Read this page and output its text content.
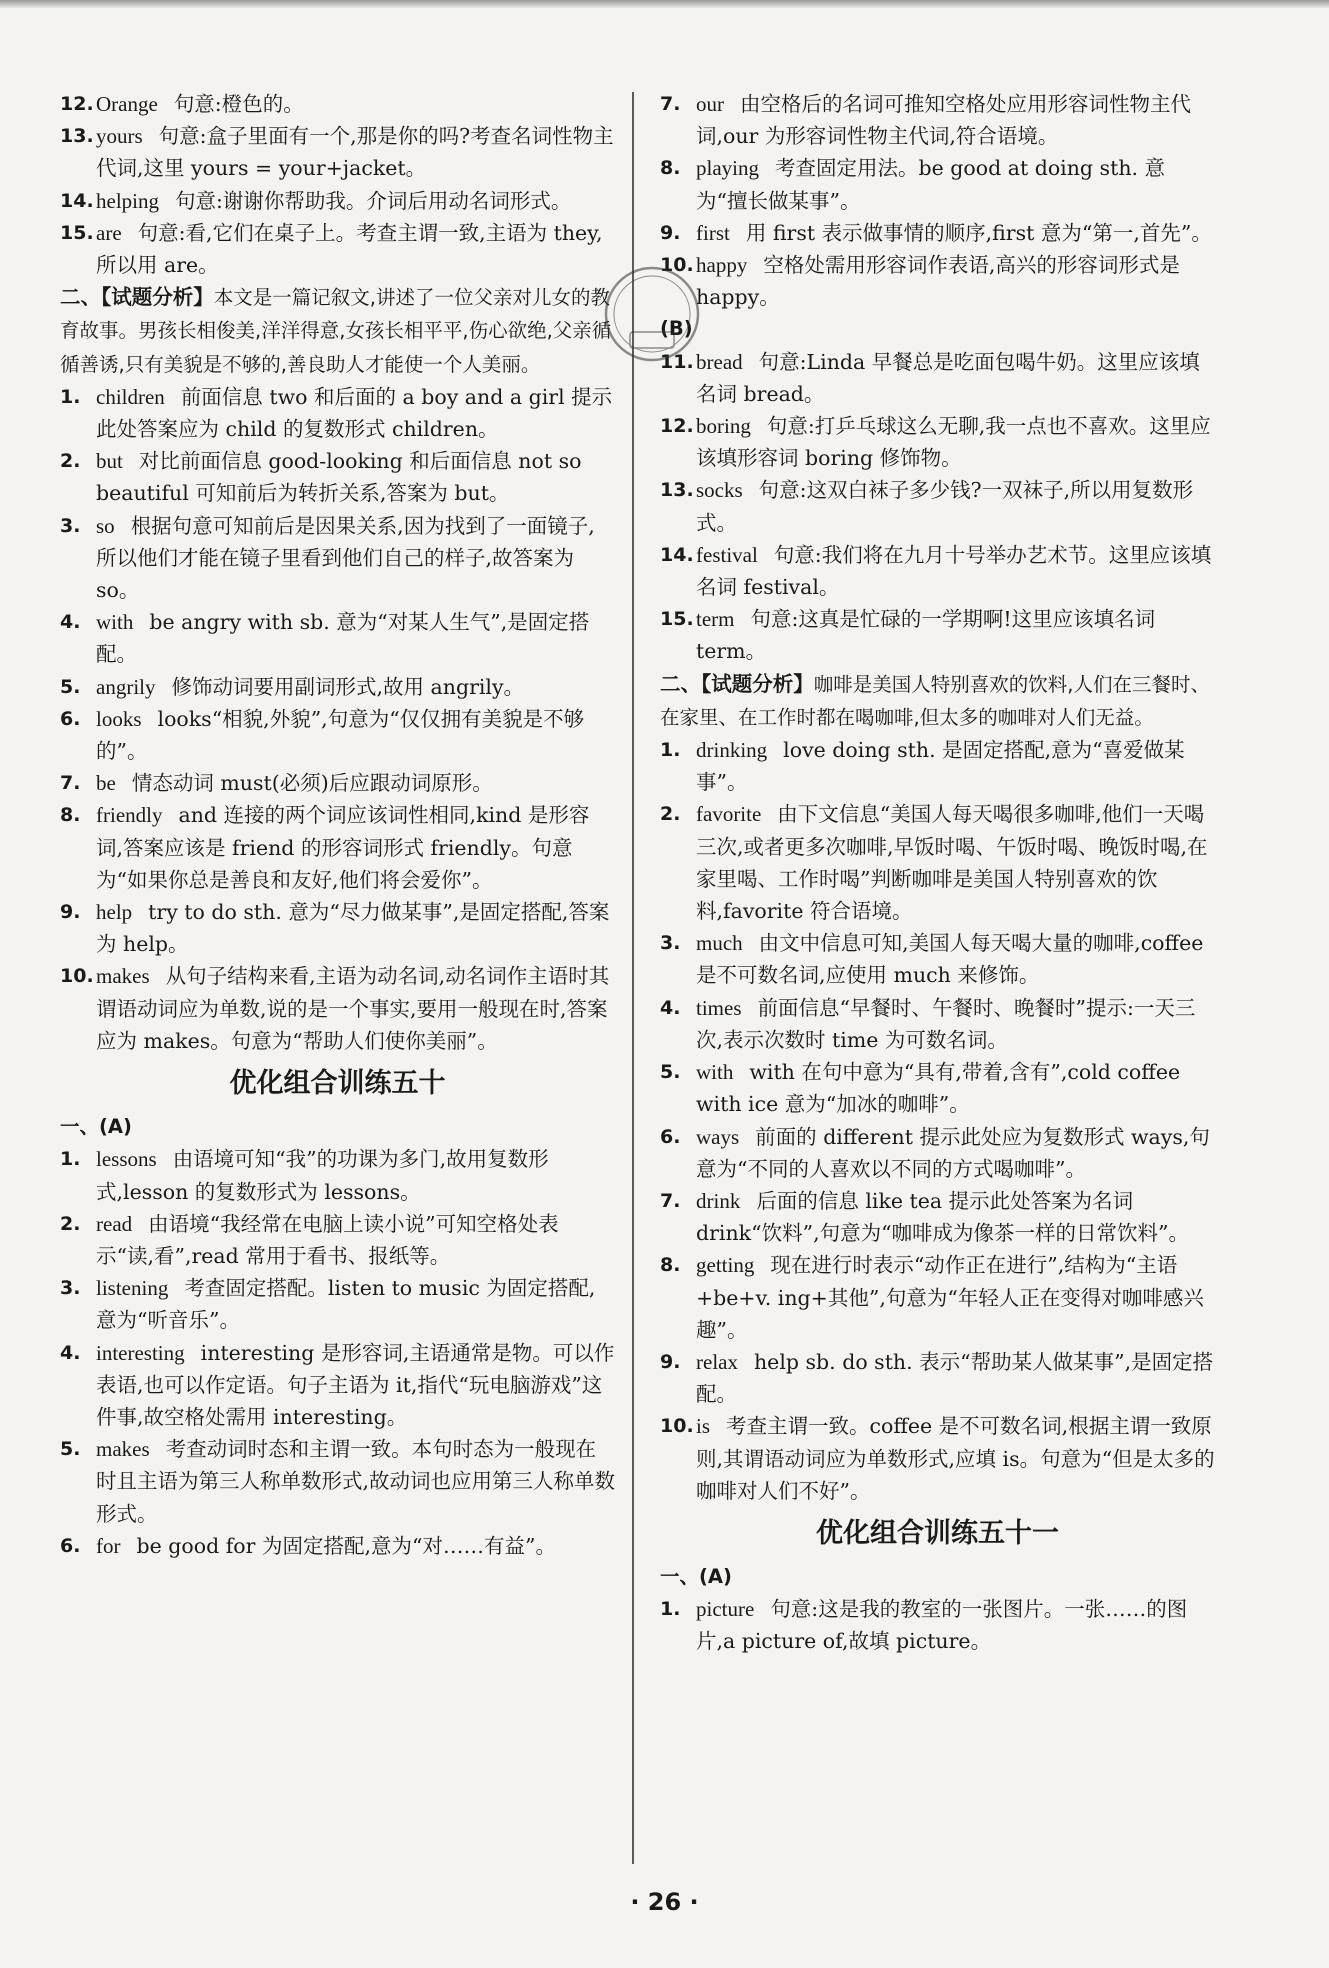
12. Orange 句意:橙色的。
13. yours 句意:盒子里面有一个,那是你的吗?考查名词性物主代词,这里 yours = your+jacket。
14. helping 句意:谢谢你帮助我。介词后用动名词形式。
15. are 句意:看,它们在桌子上。考查主谓一致,主语为 they,所以用 are。
二、【试题分析】本文是一篇记叙文,讲述了一位父亲对儿女的教育故事。男孩长相俊美,洋洋得意,女孩长相平平,伤心欲绝,父亲循循善诱,只有美貌是不够的,善良助人才能使一个人美丽。
1. children 前面信息 two 和后面的 a boy and a girl 提示此处答案应为 child 的复数形式 children。
2. but 对比前面信息 good-looking 和后面信息 not so beautiful 可知前后为转折关系,答案为 but。
3. so 根据句意可知前后是因果关系,因为找到了一面镜子,所以他们才能在镜子里看到他们自己的样子,故答案为 so。
4. with be angry with sb. 意为“对某人生气”,是固定搭配。
5. angrily 修饰动词要用副词形式,故用 angrily。
6. looks looks“相貌,外貌”,句意为“仅仅拥有美貌是不够的”。
7. be 情态动词 must(必须)后应跟动词原形。
8. friendly and 连接的两个词应该词性相同,kind 是形容词,答案应该是 friend 的形容词形式 friendly。句意为“如果你总是善良和友好,他们将会爱你”。
9. help try to do sth. 意为“尽力做某事”,是固定搭配,答案为 help。
10. makes 从句子结构来看,主语为动名词,动名词作主语时其谓语动词应为单数,说的是一个事实,要用一般现在时,答案应为 makes。句意为“帮助人们使你美丽”。
优化组合训练五十
一、(A)
1. lessons 由语境可知“我”的功课为多门,故用复数形式,lesson 的复数形式为 lessons。
2. read 由语境“我经常在电脑上读小说”可知空格处表示“读,看”,read 常用于看书、报纸等。
3. listening 考查固定搭配。listen to music 为固定搭配,意为“听音乐”。
4. interesting interesting 是形容词,主语通常是物。可以作表语,也可以作定语。句子主语为 it,指代“玩电脑游戏”这件事,故空格处需用 interesting。
5. makes 考查动词时态和主谓一致。本句时态为一般现在时且主语为第三人称单数形式,故动词也应用第三人称单数形式。
6. for be good for 为固定搭配,意为“对……有益”。
7. our 由空格后的名词可推知空格处应用形容词性物主代词,our 为形容词性物主代词,符合语境。
8. playing 考查固定用法。be good at doing sth. 意为“擅长做某事”。
9. first 用 first 表示做事情的顺序,first 意为“第一,首先”。
10. happy 空格处需用形容词作表语,高兴的形容词形式是 happy。
(B)
11. bread 句意:Linda 早餐总是吃面包喝牛奶。这里应该填名词 bread。
12. boring 句意:打乒乓球这么无聊,我一点也不喜欢。这里应该填形容词 boring 修饰物。
13. socks 句意:这双白袜子多少钱?一双袜子,所以用复数形式。
14. festival 句意:我们将在九月十号举办艺术节。这里应该填名词 festival。
15. term 句意:这真是忙碌的一学期啊!这里应该填名词 term。
二、【试题分析】咖啡是美国人特别喜欢的饮料,人们在三餐时、在家里、在工作时都在喝咖啡,但太多的咖啡对人们无益。
1. drinking love doing sth. 是固定搭配,意为“喜爱做某事”。
2. favorite 由下文信息“美国人每天喝很多咖啡,他们一天喝三次,或者更多次咖啡,早饭时喝、午饭时喝、晚饭时喝,在家里喝、工作时喝”判断咖啡是美国人特别喜欢的饮料,favorite 符合语境。
3. much 由文中信息可知,美国人每天喝大量的咖啡,coffee 是不可数名词,应使用 much 来修饰。
4. times 前面信息“早餐时、午餐时、晚餐时”提示:一天三次,表示次数时 time 为可数名词。
5. with with 在句中意为“具有,带着,含有”,cold coffee with ice 意为“加冰的咖啡”。
6. ways 前面的 different 提示此处应为复数形式 ways,句意为“不同的人喜欢以不同的方式喝咖啡”。
7. drink 后面的信息 like tea 提示此处答案为名词 drink“饮料”,句意为“咖啡成为像茶一样的日常饮料”。
8. getting 现在进行时表示“动作正在进行”,结构为“主语+be+v. ing+其他”,句意为“年轻人正在变得对咖啡感兴趣”。
9. relax help sb. do sth. 表示“帮助某人做某事”,是固定搭配。
10. is 考查主谓一致。coffee 是不可数名词,根据主谓一致原则,其谓语动词应为单数形式,应填 is。句意为“但是太多的咖啡对人们不好”。
优化组合训练五十一
一、(A)
1. picture 句意:这是我的教室的一张图片。一张……的图片,a picture of,故填 picture。
· 26 ·
